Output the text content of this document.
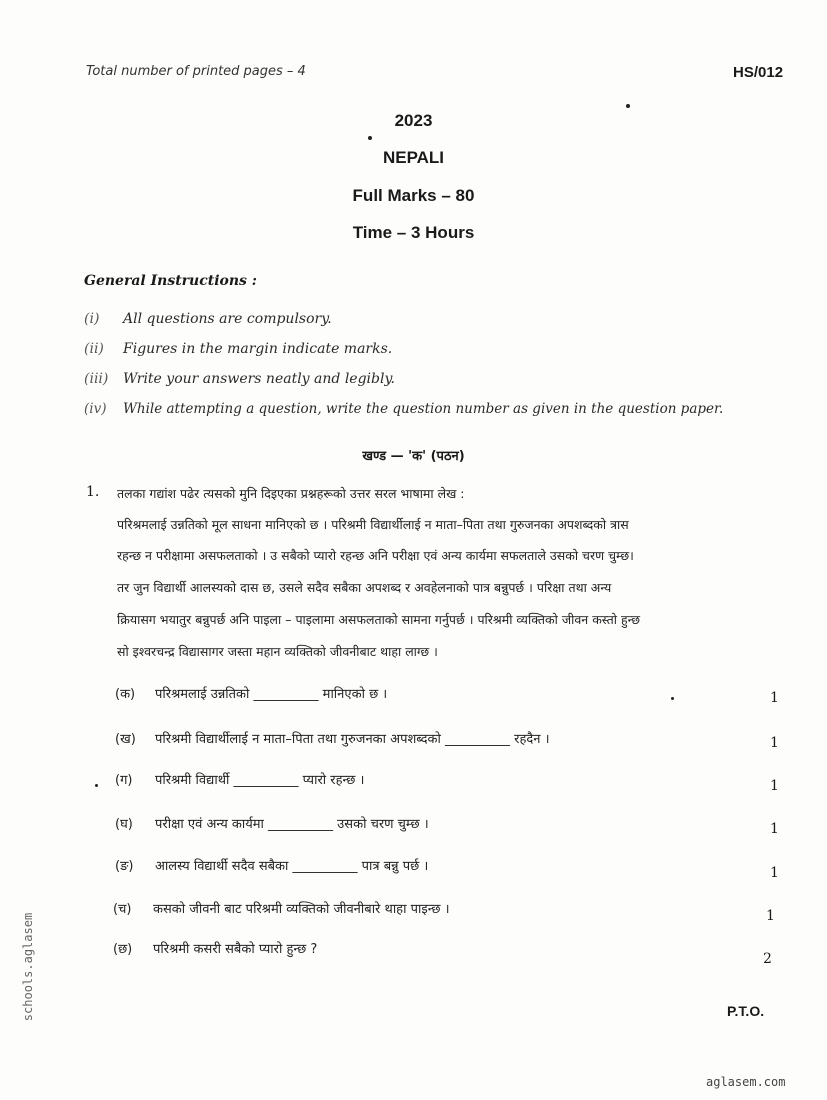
Total number of printed pages – 4	HS/012
2023
NEPALI
Full Marks – 80
Time – 3 Hours
General Instructions :
(i) All questions are compulsory.
(ii) Figures in the margin indicate marks.
(iii) Write your answers neatly and legibly.
(iv) While attempting a question, write the question number as given in the question paper.
खण्ड — 'क' (पठन)
1. तलका गद्यांश पढेर त्यसको मुनि दिइएका प्रश्नहरूको उत्तर सरल भाषामा लेख :
परिश्रमलाई उन्नतिको मूल साधना मानिएको छ । परिश्रमी विद्यार्थीलाई न माता–पिता तथा गुरुजनका अपशब्दको त्रास
रहन्छ न परीक्षामा असफलताको । उ सबैको प्यारो रहन्छ अनि परीक्षा एवं अन्य कार्यमा सफलताले उसको चरण चुम्छ।
तर जुन विद्यार्थी आलस्यको दास छ, उसले सदैव सबैका अपशब्द र अवहेलनाको पात्र बन्नुपर्छ । परिक्षा तथा अन्य
क्रियासग भयातुर बन्नुपर्छ अनि पाइला – पाइलामा असफलताको सामना गर्नुपर्छ । परिश्रमी व्यक्तिको जीवन कस्तो हुन्छ
सो इश्वरचन्द्र विद्यासागर जस्ता महान व्यक्तिको जीवनीबाट थाहा लाग्छ ।
(क) परिश्रमलाई उन्नतिको __________ मानिएको छ ।	1
(ख) परिश्रमी विद्यार्थीलाई न माता–पिता तथा गुरुजनका अपशब्दको __________ रहदैन ।	1
(ग) परिश्रमी विद्यार्थी __________ प्यारो रहन्छ ।	1
(घ) परीक्षा एवं अन्य कार्यमा __________ उसको चरण चुम्छ ।	1
(ङ) आलस्य विद्यार्थी सदैव सबैका __________ पात्र बन्नु पर्छ ।	1
(च) कसको जीवनी बाट परिश्रमी व्यक्तिको जीवनीबारे थाहा पाइन्छ ।	1
(छ) परिश्रमी कसरी सबैको प्यारो हुन्छ ?
2
P.T.O.
schools.aglasem
aglasem.com
